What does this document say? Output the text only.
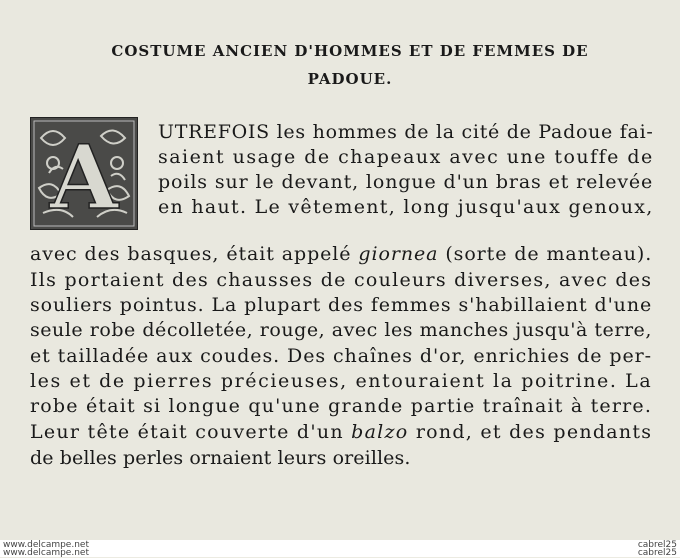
COSTUME ANCIEN D'HOMMES ET DE FEMMES DE
PADOUE.
A UTREFOIS les hommes de la cité de Padoue fai-
saient usage de chapeaux avec une touffe de
poils sur le devant, longue d'un bras et relevée
en haut. Le vêtement, long jusqu'aux genoux,
avec des basques, était appelé giornea (sorte de manteau).
Ils portaient des chausses de couleurs diverses, avec des
souliers pointus. La plupart des femmes s'habillaient d'une
seule robe décolletée, rouge, avec les manches jusqu'à terre,
et tailladée aux coudes. Des chaînes d'or, enrichies de per-
les et de pierres précieuses, entouraient la poitrine. La
robe était si longue qu'une grande partie traînait à terre.
Leur tête était couverte d'un balzo rond, et des pendants
de belles perles ornaient leurs oreilles.
www.delcampe.net
www.delcampe.net
cabrel25
cabrel25
